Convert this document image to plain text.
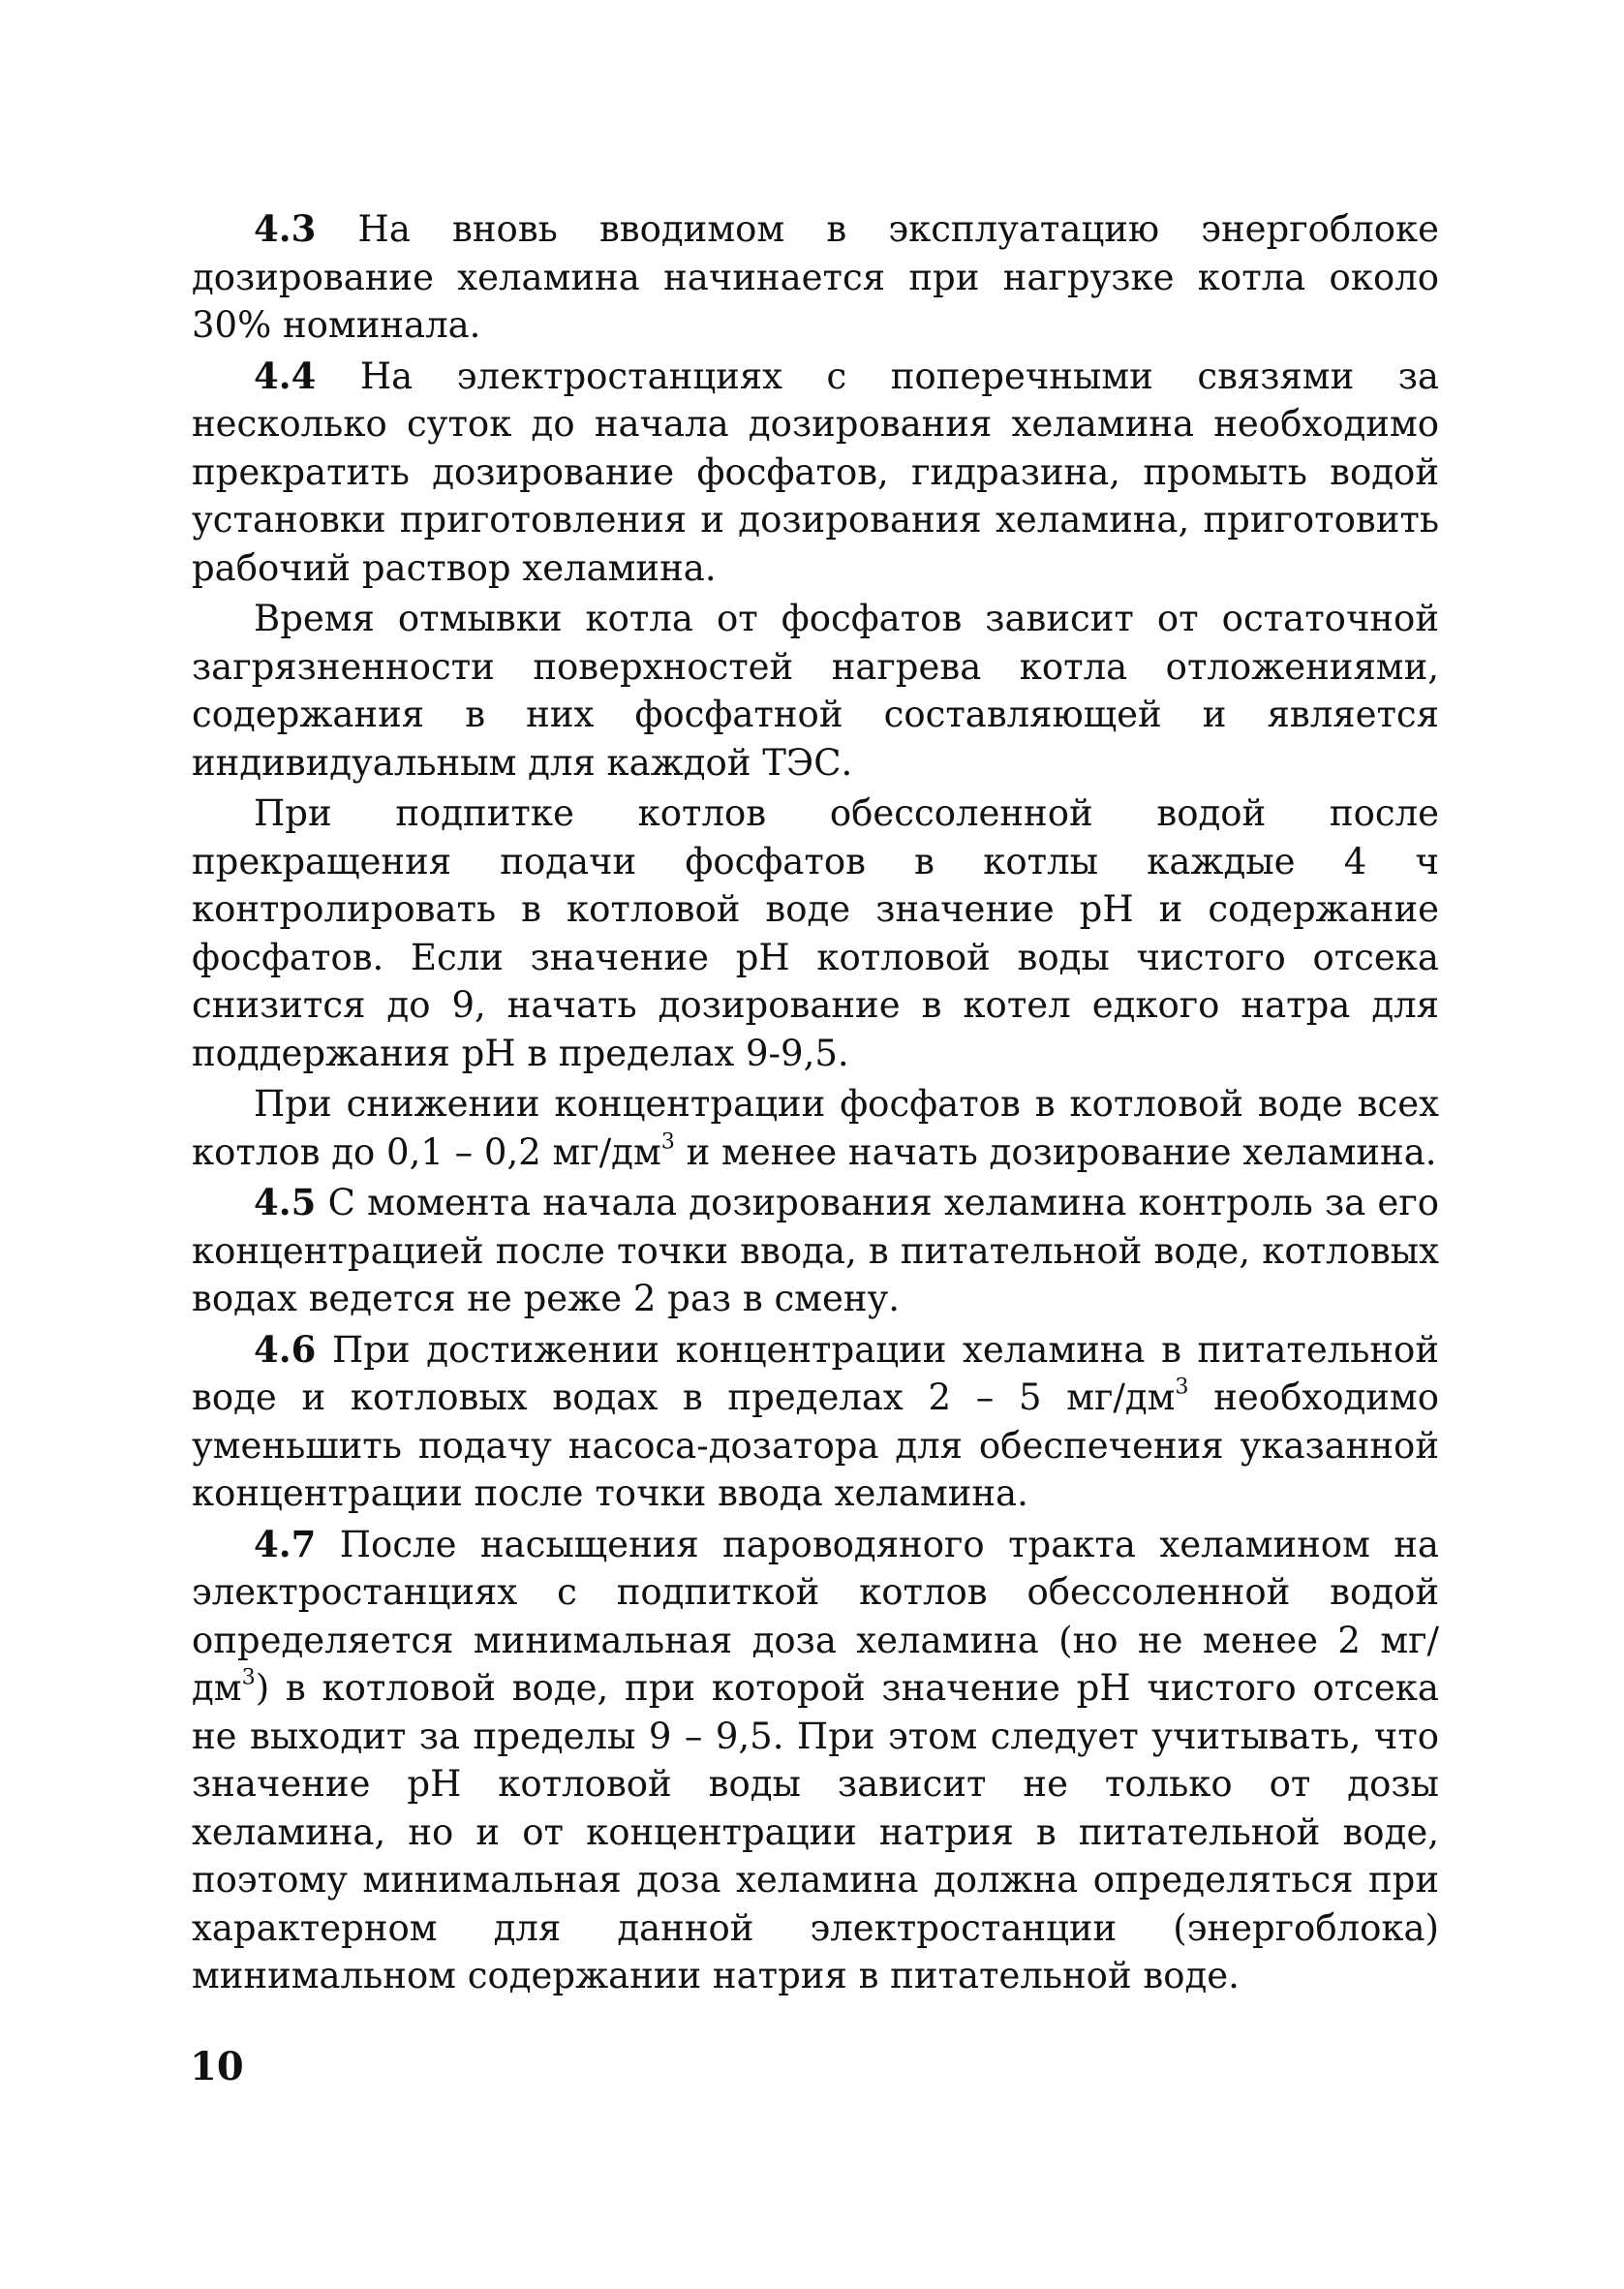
4.3 На вновь вводимом в эксплуатацию энергоблоке дозирование хеламина начинается при нагрузке котла около 30% номинала.

4.4 На электростанциях с поперечными связями за несколько суток до начала дозирования хеламина необходимо прекратить дозирование фосфатов, гидразина, промыть водой установки приготовления и дозирования хеламина, приготовить рабочий раствор хеламина.

Время отмывки котла от фосфатов зависит от остаточной загрязненности поверхностей нагрева котла отложениями, содержания в них фосфатной составляющей и является индивидуальным для каждой ТЭС.

При подпитке котлов обессоленной водой после прекращения подачи фосфатов в котлы каждые 4 ч контролировать в котловой воде значение рН и содержание фосфатов. Если значение рН котловой воды чистого отсека снизится до 9, начать дозирование в котел едкого натра для поддержания рН в пределах 9-9,5.

При снижении концентрации фосфатов в котловой воде всех котлов до 0,1 – 0,2 $мг/дм^3$ и менее начать дозирование хеламина.

4.5 С момента начала дозирования хеламина контроль за его концентрацией после точки ввода, в питательной воде, котловых водах ведется не реже 2 раз в смену.

4.6 При достижении концентрации хеламина в питательной воде и котловых водах в пределах 2 – 5 $мг/дм^3$ необходимо уменьшить подачу насоса-дозатора для обеспечения указанной концентрации после точки ввода хеламина.

4.7 После насыщения пароводяного тракта хеламином на электростанциях с подпиткой котлов обессоленной водой определяется минимальная доза хеламина (но не менее 2 $мг/дм^3$) в котловой воде, при которой значение рН чистого отсека не выходит за пределы 9 – 9,5. При этом следует учитывать, что значение рН котловой воды зависит не только от дозы хеламина, но и от концентрации натрия в питательной воде, поэтому минимальная доза хеламина должна определяться при характерном для данной электростанции (энергоблока) минимальном содержании натрия в питательной воде.

10
